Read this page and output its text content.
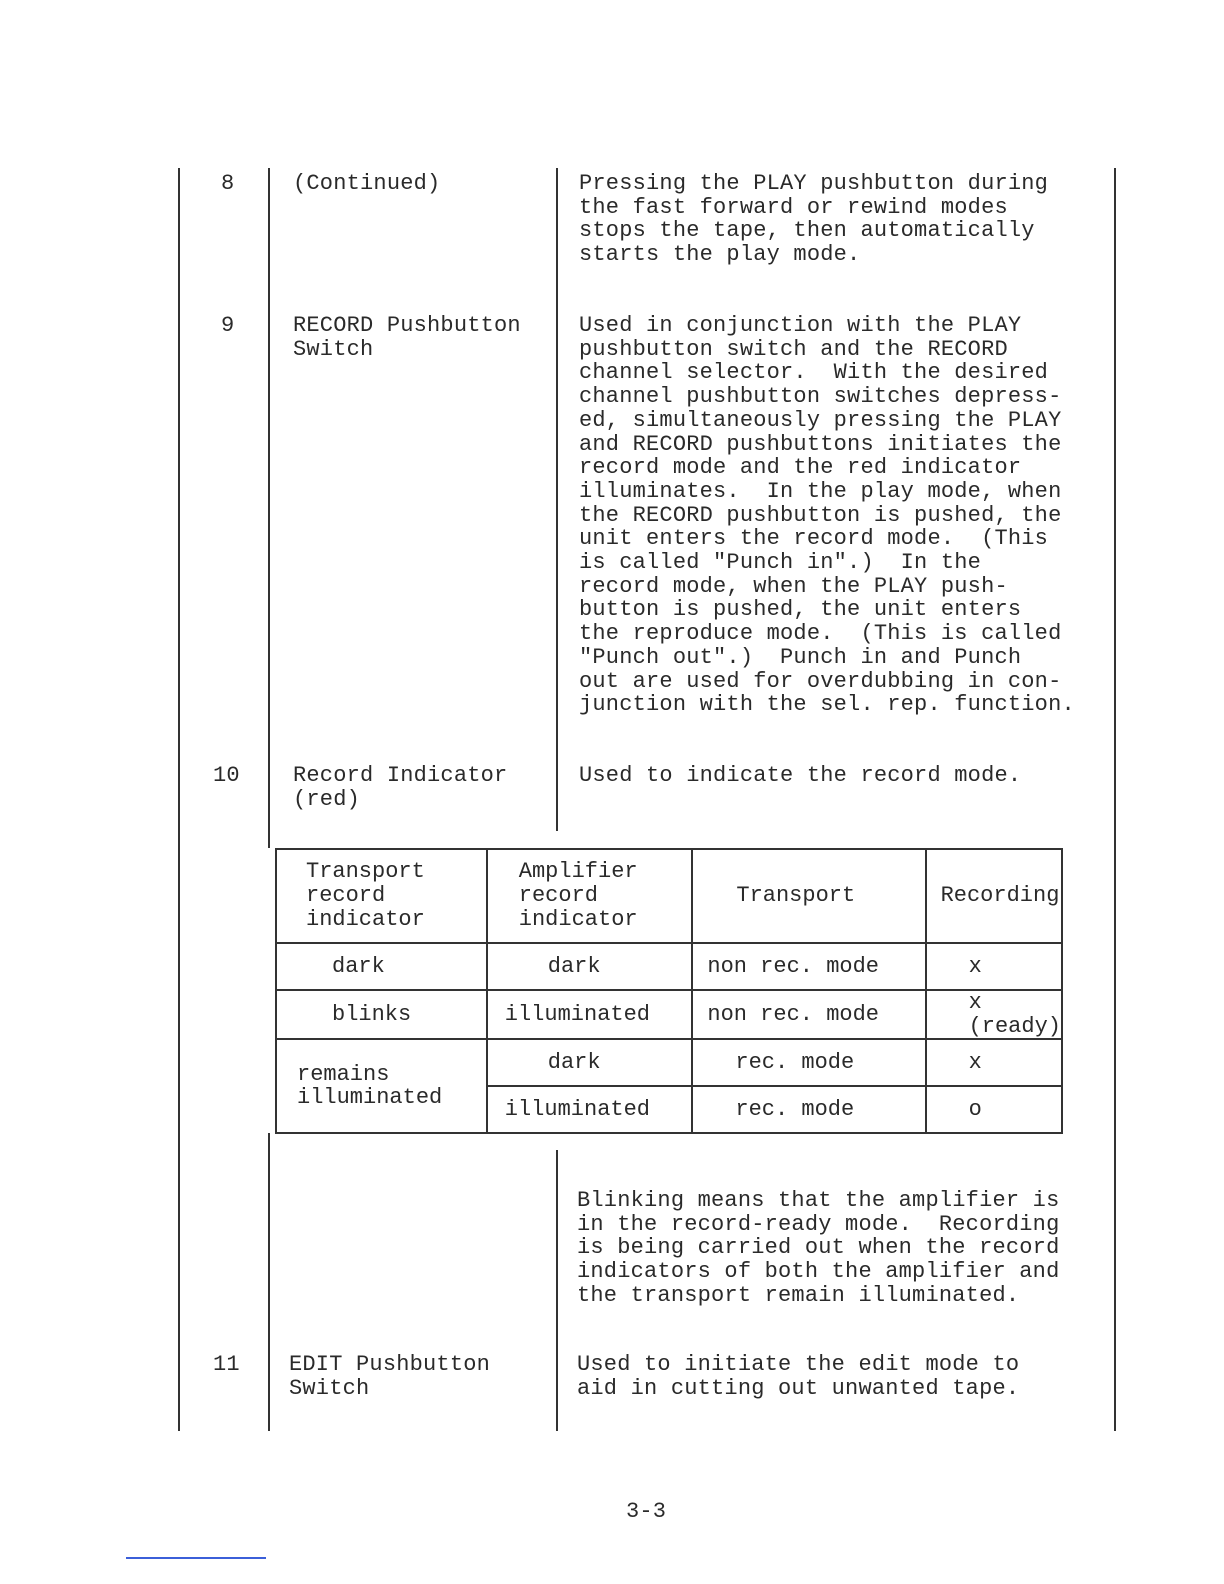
8	(Continued)	Pressing the PLAY pushbutton during
the fast forward or rewind modes
stops the tape, then automatically
starts the play mode.
9	RECORD Pushbutton
Switch
Used in conjunction with the PLAY
pushbutton switch and the RECORD
channel selector.  With the desired
channel pushbutton switches depress-
ed, simultaneously pressing the PLAY
and RECORD pushbuttons initiates the
record mode and the red indicator
illuminates.  In the play mode, when
the RECORD pushbutton is pushed, the
unit enters the record mode.  (This
is called "Punch in".)  In the
record mode, when the PLAY push-
button is pushed, the unit enters
the reproduce mode.  (This is called
"Punch out".)  Punch in and Punch
out are used for overdubbing in con-
junction with the sel. rep. function.
10 Record Indicator
(red)
Used to indicate the record mode.
Transport
record
indicator	Amplifier
record
indicator	Transport	Recording
dark	dark	non rec. mode	x
blinks	illuminated	non rec. mode	x (ready)
remains
illuminated	dark	rec. mode	x
	illuminated	rec. mode	o
Blinking means that the amplifier is
in the record-ready mode.  Recording
is being carried out when the record
indicators of both the amplifier and
the transport remain illuminated.
11 EDIT Pushbutton
Switch
Used to initiate the edit mode to
aid in cutting out unwanted tape.
3-3
